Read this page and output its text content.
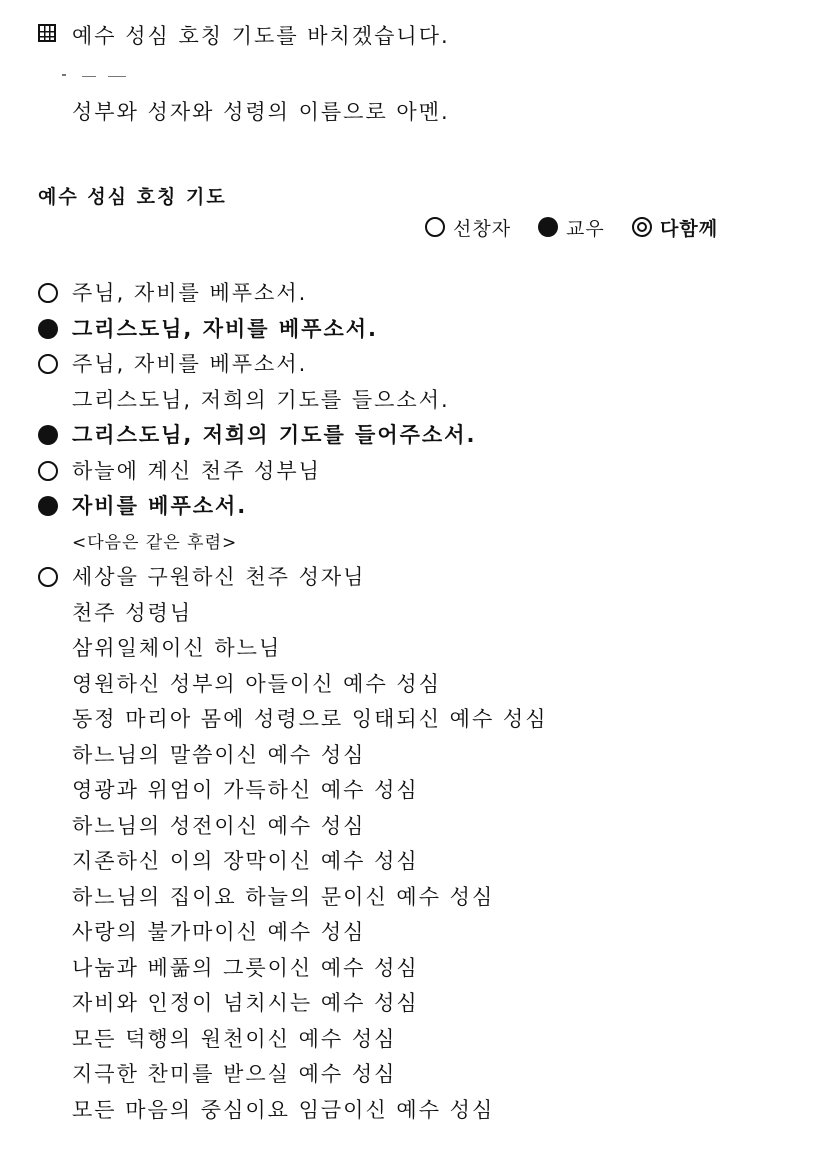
예수 성심 호칭 기도를 바치겠습니다.
성부와 성자와 성령의 이름으로 아멘.
예수 성심 호칭 기도
선창자	교우	다함께
주님, 자비를 베푸소서.
그리스도님, 자비를 베푸소서.
주님, 자비를 베푸소서.
그리스도님, 저희의 기도를 들으소서.
그리스도님, 저희의 기도를 들어주소서.
하늘에 계신 천주 성부님
자비를 베푸소서.
<다음은 같은 후렴>
세상을 구원하신 천주 성자님
천주 성령님
삼위일체이신 하느님
영원하신 성부의 아들이신 예수 성심
동정 마리아 몸에 성령으로 잉태되신 예수 성심
하느님의 말씀이신 예수 성심
영광과 위엄이 가득하신 예수 성심
하느님의 성전이신 예수 성심
지존하신 이의 장막이신 예수 성심
하느님의 집이요 하늘의 문이신 예수 성심
사랑의 불가마이신 예수 성심
나눔과 베풂의 그릇이신 예수 성심
자비와 인정이 넘치시는 예수 성심
모든 덕행의 원천이신 예수 성심
지극한 찬미를 받으실 예수 성심
모든 마음의 중심이요 임금이신 예수 성심
